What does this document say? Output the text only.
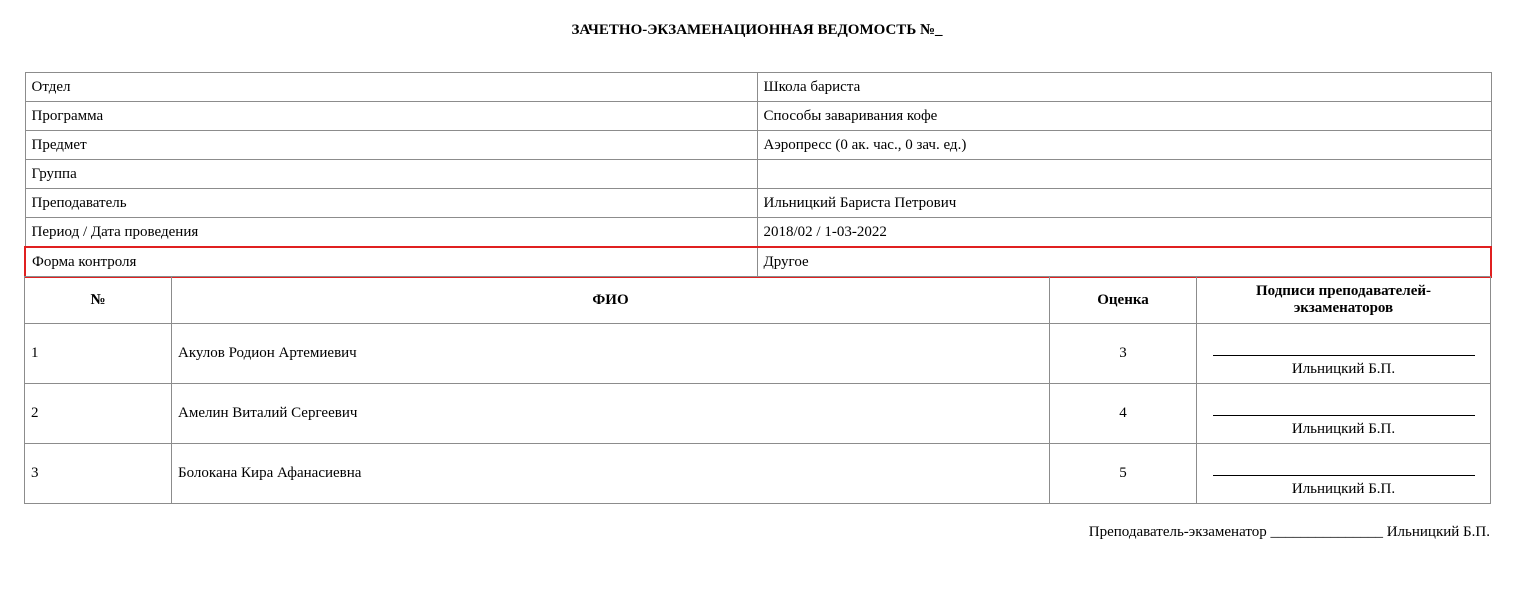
ЗАЧЕТНО-ЭКЗАМЕНАЦИОННАЯ ВЕДОМОСТЬ №_
Отдел	Школа бариста
Программа	Способы заваривания кофе
Предмет	Аэропресс (0 ак. час., 0 зач. ед.)
Группа	
Преподаватель	Ильницкий Бариста Петрович
Период / Дата проведения	2018/02 / 1-03-2022
Форма контроля	Другое
№	ФИО	Оценка	Подписи преподавателей-экзаменаторов
1	Акулов Родион Артемиевич	3	Ильницкий Б.П.
2	Амелин Виталий Сергеевич	4	Ильницкий Б.П.
3	Болокана Кира Афанасиевна	5	Ильницкий Б.П.
Преподаватель-экзаменатор _______________ Ильницкий Б.П.
